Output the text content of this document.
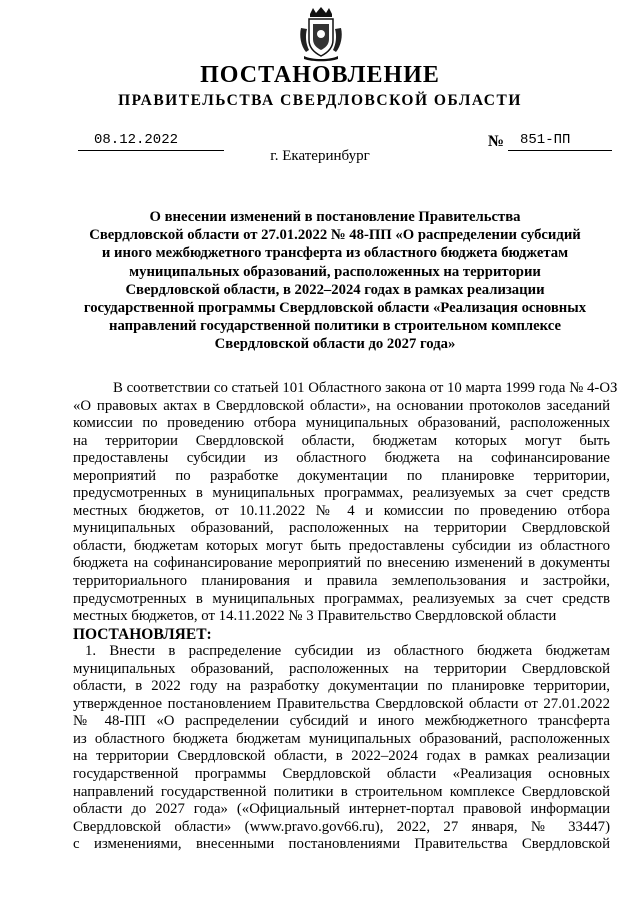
ПОСТАНОВЛЕНИЕ
ПРАВИТЕЛЬСТВА СВЕРДЛОВСКОЙ ОБЛАСТИ
08.12.2022	№ 851-ПП
г. Екатеринбург
О внесении изменений в постановление Правительства
Свердловской области от 27.01.2022 № 48-ПП «О распределении субсидий
и иного межбюджетного трансферта из областного бюджета бюджетам
муниципальных образований, расположенных на территории
Свердловской области, в 2022–2024 годах в рамках реализации
государственной программы Свердловской области «Реализация основных
направлений государственной политики в строительном комплексе
Свердловской области до 2027 года»
В соответствии со статьей 101 Областного закона от 10 марта 1999 года № 4-ОЗ
«О правовых актах в Свердловской области», на основании протоколов заседаний
комиссии по проведению отбора муниципальных образований, расположенных
на территории Свердловской области, бюджетам которых могут быть
предоставлены субсидии из областного бюджета на софинансирование
мероприятий по разработке документации по планировке территории,
предусмотренных в муниципальных программах, реализуемых за счет средств
местных бюджетов, от 10.11.2022 № 4 и комиссии по проведению отбора
муниципальных образований, расположенных на территории Свердловской
области, бюджетам которых могут быть предоставлены субсидии из областного
бюджета на софинансирование мероприятий по внесению изменений в документы
территориального планирования и правила землепользования и застройки,
предусмотренных в муниципальных программах, реализуемых за счет средств
местных бюджетов, от 14.11.2022 № 3 Правительство Свердловской области
ПОСТАНОВЛЯЕТ:
1. Внести в распределение субсидии из областного бюджета бюджетам
муниципальных образований, расположенных на территории Свердловской
области, в 2022 году на разработку документации по планировке территории,
утвержденное постановлением Правительства Свердловской области от 27.01.2022
№ 48-ПП «О распределении субсидий и иного межбюджетного трансферта
из областного бюджета бюджетам муниципальных образований, расположенных
на территории Свердловской области, в 2022–2024 годах в рамках реализации
государственной программы Свердловской области «Реализация основных
направлений государственной политики в строительном комплексе Свердловской
области до 2027 года» («Официальный интернет-портал правовой информации
Свердловской области» (www.pravo.gov66.ru), 2022, 27 января, № 33447)
с изменениями, внесенными постановлениями Правительства Свердловской
